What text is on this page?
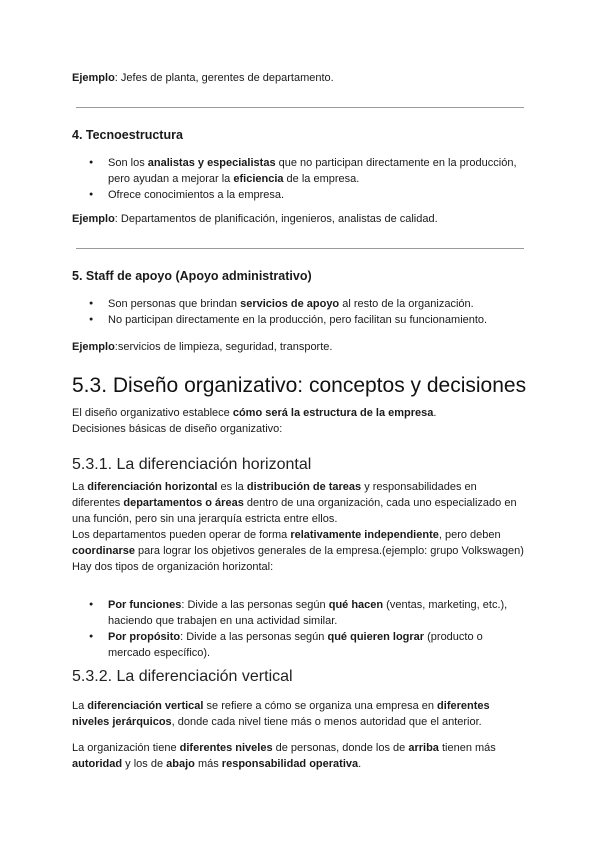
Ejemplo: Jefes de planta, gerentes de departamento.

4. Tecnoestructura
● Son los analistas y especialistas que no participan directamente en la producción, pero ayudan a mejorar la eficiencia de la empresa.
● Ofrece conocimientos a la empresa.

Ejemplo: Departamentos de planificación, ingenieros, analistas de calidad.

5. Staff de apoyo (Apoyo administrativo)
● Son personas que brindan servicios de apoyo al resto de la organización.
● No participan directamente en la producción, pero facilitan su funcionamiento.

Ejemplo:servicios de limpieza, seguridad, transporte.

5.3. Diseño organizativo: conceptos y decisiones

El diseño organizativo establece cómo será la estructura de la empresa.

Decisiones básicas de diseño organizativo:

5.3.1. La diferenciación horizontal

La diferenciación horizontal es la distribución de tareas y responsabilidades en diferentes departamentos o áreas dentro de una organización, cada uno especializado en una función, pero sin una jerarquía estricta entre ellos.

Los departamentos pueden operar de forma relativamente independiente, pero deben coordinarse para lograr los objetivos generales de la empresa.(ejemplo: grupo Volkswagen)

Hay dos tipos de organización horizontal:

● Por funciones: Divide a las personas según qué hacen (ventas, marketing, etc.), haciendo que trabajen en una actividad similar.
● Por propósito: Divide a las personas según qué quieren lograr (producto o mercado específico).
5.3.2. La diferenciación vertical

La diferenciación vertical se refiere a cómo se organiza una empresa en diferentes niveles jerárquicos, donde cada nivel tiene más o menos autoridad que el anterior.

La organización tiene diferentes niveles de personas, donde los de arriba tienen más autoridad y los de abajo más responsabilidad operativa.
